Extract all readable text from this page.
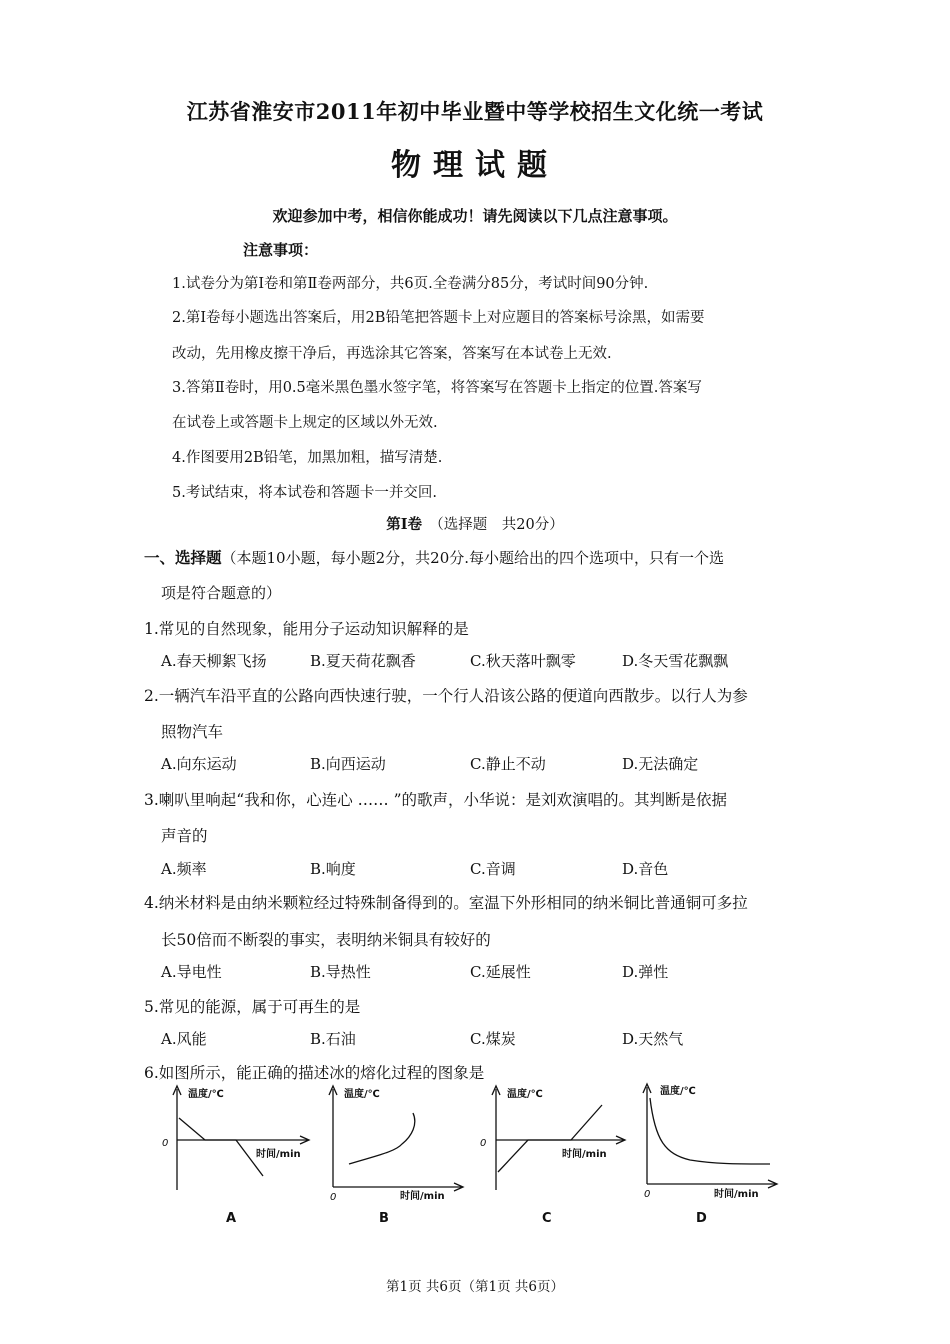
江苏省淮安市2011年初中毕业暨中等学校招生文化统一考试
物理试题
欢迎参加中考，相信你能成功！请先阅读以下几点注意事项。
注意事项：
1.试卷分为第Ⅰ卷和第Ⅱ卷两部分，共6页.全卷满分85分，考试时间90分钟.
2.第Ⅰ卷每小题选出答案后，用2B铅笔把答题卡上对应题目的答案标号涂黑，如需要
改动，先用橡皮擦干净后，再选涂其它答案，答案写在本试卷上无效.
3.答第Ⅱ卷时，用0.5毫米黑色墨水签字笔，将答案写在答题卡上指定的位置.答案写
在试卷上或答题卡上规定的区域以外无效.
4.作图要用2B铅笔，加黑加粗，描写清楚.
5.考试结束，将本试卷和答题卡一并交回.
第Ⅰ卷　 （选择题　共20分）
一、选择题（本题10小题，每小题2分，共20分.每小题给出的四个选项中，只有一个选
项是符合题意的）
1.常见的自然现象，能用分子运动知识解释的是
A.春天柳絮飞扬	B.夏天荷花飘香	C.秋天落叶飘零	D.冬天雪花飘飘
2.一辆汽车沿平直的公路向西快速行驶，一个行人沿该公路的便道向西散步。以行人为参
照物汽车
A.向东运动	B.向西运动	C.静止不动	D.无法确定
3.喇叭里响起“我和你，心连心 …… ”的歌声，小华说：是刘欢演唱的。其判断是依据
声音的
A.频率	B.响度	C.音调	D.音色
4.纳米材料是由纳米颗粒经过特殊制备得到的。室温下外形相同的纳米铜比普通铜可多拉
长50倍而不断裂的事实，表明纳米铜具有较好的
A.导电性	B.导热性	C.延展性	D.弹性
5.常见的能源，属于可再生的是
A.风能	B.石油	C.煤炭	D.天然气
6.如图所示，能正确的描述冰的熔化过程的图象是
温度/℃
0
时间/min
A
温度/℃
0	时间/min
B
温度/℃
0
时间/min
C
温度/℃
0	时间/min
D
第1页 共6页（第1页 共6页）
